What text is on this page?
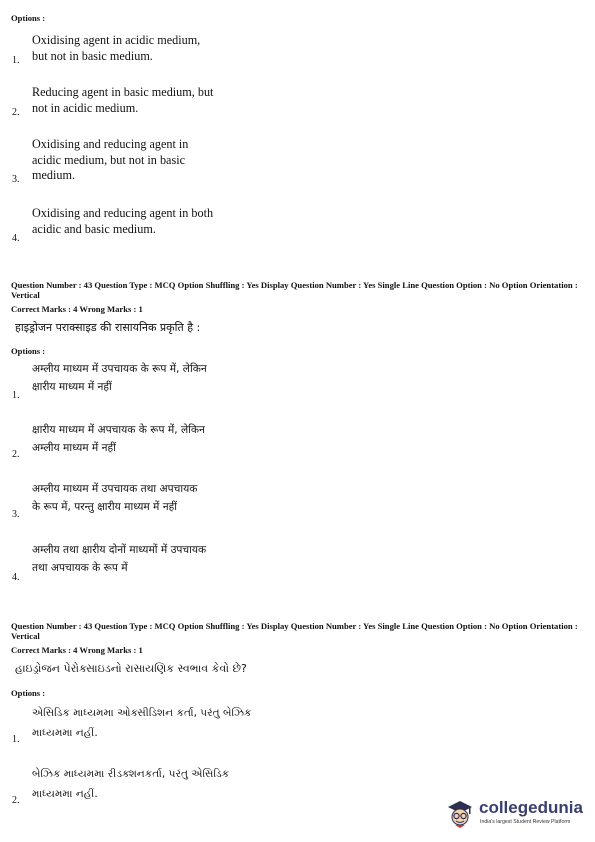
Options :
1.
Oxidising agent in acidic medium,
but not in basic medium.
2.
Reducing agent in basic medium, but
not in acidic medium.
3.
Oxidising and reducing agent in
acidic medium, but not in basic
medium.
4.
Oxidising and reducing agent in both
acidic and basic medium.
Question Number : 43 Question Type : MCQ Option Shuffling : Yes Display Question Number : Yes Single Line Question Option : No Option Orientation : Vertical
Correct Marks : 4 Wrong Marks : 1
हाइड्रोजन पराक्साइड की रासायनिक प्रकृति है :
Options :
1.
अम्लीय माध्यम में उपचायक के रूप में, लेकिन
क्षारीय माध्यम में नहीं
2.
क्षारीय माध्यम में अपचायक के रूप में, लेकिन
अम्लीय माध्यम में नहीं
3.
अम्लीय माध्यम में उपचायक तथा अपचायक
के रूप में, परन्तु क्षारीय माध्यम में नहीं
4.
अम्लीय तथा क्षारीय दोनों माध्यमों में उपचायक
तथा अपचायक के रूप में
Question Number : 43 Question Type : MCQ Option Shuffling : Yes Display Question Number : Yes Single Line Question Option : No Option Orientation : Vertical
Correct Marks : 4 Wrong Marks : 1
હાઇડ્રોજન પેરોક્સાઇડનો રાસાયણિક સ્વભાવ કેવો છે?
Options :
1.
એસિડિક માધ્યમમા ઓક્સીડિશન કર્તા, પરંતુ બેઝિક
માધ્યમમા નહીં.
2.
બેઝિક માધ્યમમા રીડક્શનકર્તા, પરંતુ એસિડિક
માધ્યમમા નહીં.
collegedunia
India's largest Student Review Platform
